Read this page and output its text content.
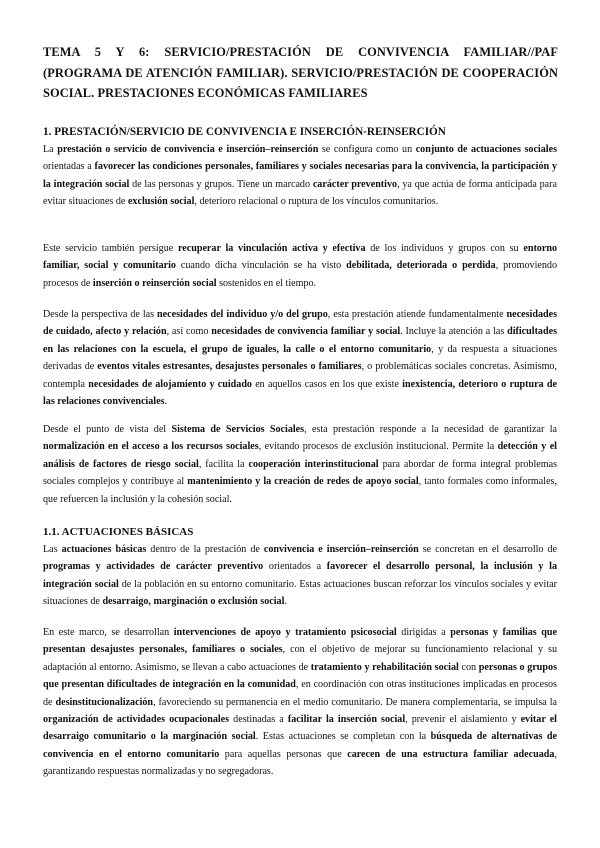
TEMA 5 Y 6: SERVICIO/PRESTACIÓN DE CONVIVENCIA FAMILIAR//PAF (PROGRAMA DE ATENCIÓN FAMILIAR). SERVICIO/PRESTACIÓN DE COOPERACIÓN SOCIAL. PRESTACIONES ECONÓMICAS FAMILIARES
1. PRESTACIÓN/SERVICIO DE CONVIVENCIA E INSERCIÓN-REINSERCIÓN
La prestación o servicio de convivencia e inserción–reinserción se configura como un conjunto de actuaciones sociales orientadas a favorecer las condiciones personales, familiares y sociales necesarias para la convivencia, la participación y la integración social de las personas y grupos. Tiene un marcado carácter preventivo, ya que actúa de forma anticipada para evitar situaciones de exclusión social, deterioro relacional o ruptura de los vínculos comunitarios.
Este servicio también persigue recuperar la vinculación activa y efectiva de los individuos y grupos con su entorno familiar, social y comunitario cuando dicha vinculación se ha visto debilitada, deteriorada o perdida, promoviendo procesos de inserción o reinserción social sostenidos en el tiempo.
Desde la perspectiva de las necesidades del individuo y/o del grupo, esta prestación atiende fundamentalmente necesidades de cuidado, afecto y relación, así como necesidades de convivencia familiar y social. Incluye la atención a las dificultades en las relaciones con la escuela, el grupo de iguales, la calle o el entorno comunitario, y da respuesta a situaciones derivadas de eventos vitales estresantes, desajustes personales o familiares, o problemáticas sociales concretas. Asimismo, contempla necesidades de alojamiento y cuidado en aquellos casos en los que existe inexistencia, deterioro o ruptura de las relaciones convivenciales.
Desde el punto de vista del Sistema de Servicios Sociales, esta prestación responde a la necesidad de garantizar la normalización en el acceso a los recursos sociales, evitando procesos de exclusión institucional. Permite la detección y el análisis de factores de riesgo social, facilita la cooperación interinstitucional para abordar de forma integral problemas sociales complejos y contribuye al mantenimiento y la creación de redes de apoyo social, tanto formales como informales, que refuercen la inclusión y la cohesión social.
1.1. ACTUACIONES BÁSICAS
Las actuaciones básicas dentro de la prestación de convivencia e inserción–reinserción se concretan en el desarrollo de programas y actividades de carácter preventivo orientados a favorecer el desarrollo personal, la inclusión y la integración social de la población en su entorno comunitario. Estas actuaciones buscan reforzar los vínculos sociales y evitar situaciones de desarraigo, marginación o exclusión social.
En este marco, se desarrollan intervenciones de apoyo y tratamiento psicosocial dirigidas a personas y familias que presentan desajustes personales, familiares o sociales, con el objetivo de mejorar su funcionamiento relacional y su adaptación al entorno. Asimismo, se llevan a cabo actuaciones de tratamiento y rehabilitación social con personas o grupos que presentan dificultades de integración en la comunidad, en coordinación con otras instituciones implicadas en procesos de desinstitucionalización, favoreciendo su permanencia en el medio comunitario. De manera complementaria, se impulsa la organización de actividades ocupacionales destinadas a facilitar la inserción social, prevenir el aislamiento y evitar el desarraigo comunitario o la marginación social. Estas actuaciones se completan con la búsqueda de alternativas de convivencia en el entorno comunitario para aquellas personas que carecen de una estructura familiar adecuada, garantizando respuestas normalizadas y no segregadoras.
